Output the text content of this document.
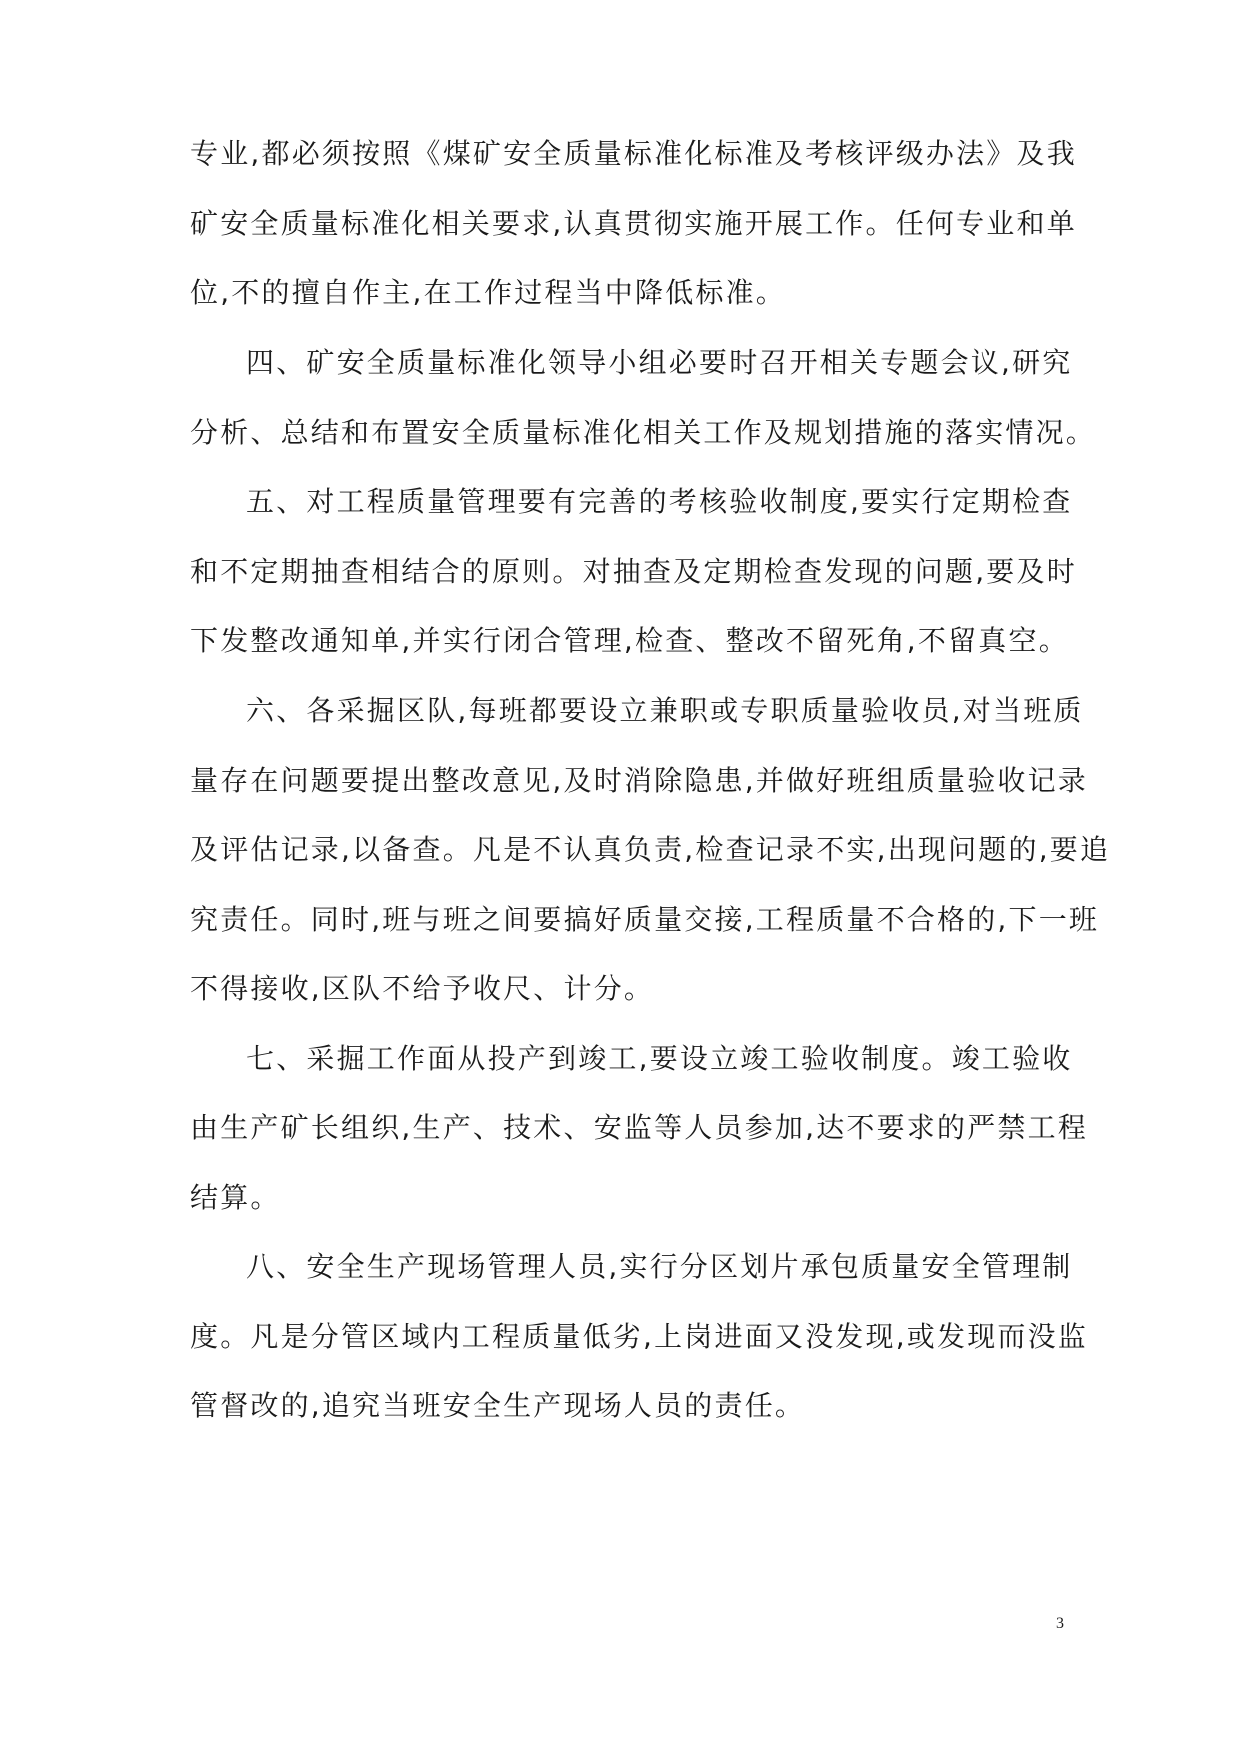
专业,都必须按照《煤矿安全质量标准化标准及考核评级办法》及我
矿安全质量标准化相关要求,认真贯彻实施开展工作。任何专业和单
位,不的擅自作主,在工作过程当中降低标准。
四、矿安全质量标准化领导小组必要时召开相关专题会议,研究
分析、总结和布置安全质量标准化相关工作及规划措施的落实情况。
五、对工程质量管理要有完善的考核验收制度,要实行定期检查
和不定期抽查相结合的原则。对抽查及定期检查发现的问题,要及时
下发整改通知单,并实行闭合管理,检查、整改不留死角,不留真空。
六、各采掘区队,每班都要设立兼职或专职质量验收员,对当班质
量存在问题要提出整改意见,及时消除隐患,并做好班组质量验收记录
及评估记录,以备查。凡是不认真负责,检查记录不实,出现问题的,要追
究责任。同时,班与班之间要搞好质量交接,工程质量不合格的,下一班
不得接收,区队不给予收尺、计分。
七、采掘工作面从投产到竣工,要设立竣工验收制度。竣工验收
由生产矿长组织,生产、技术、安监等人员参加,达不要求的严禁工程
结算。
八、安全生产现场管理人员,实行分区划片承包质量安全管理制
度。凡是分管区域内工程质量低劣,上岗进面又没发现,或发现而没监
管督改的,追究当班安全生产现场人员的责任。
3
